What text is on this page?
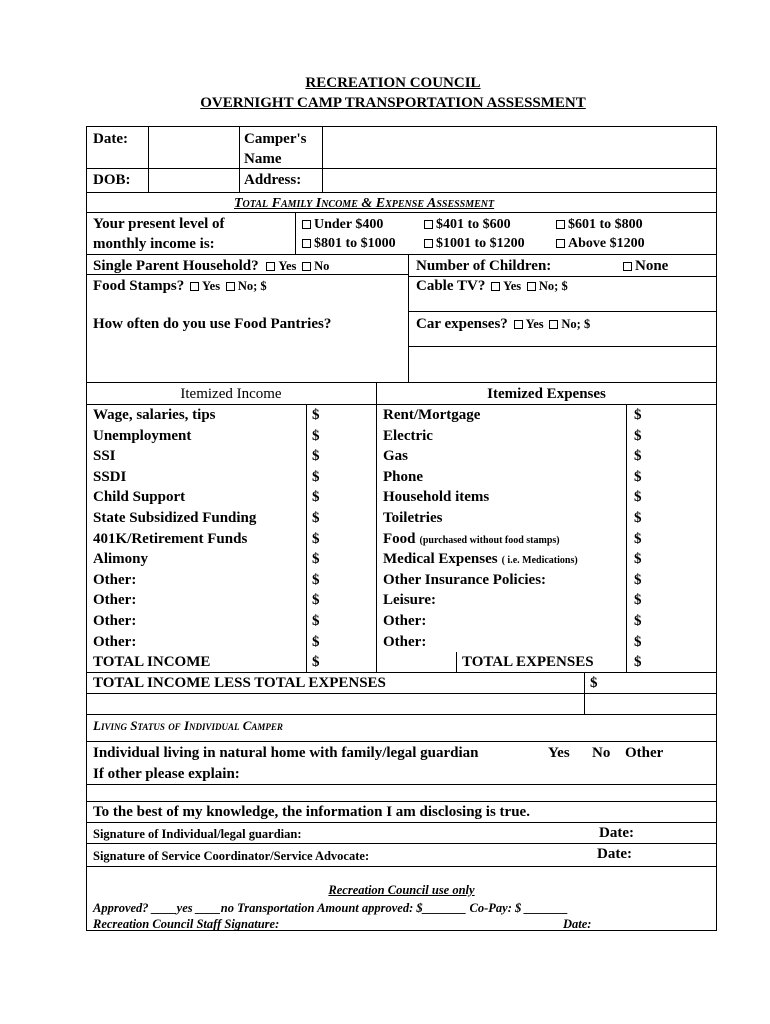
RECREATION COUNCIL
OVERNIGHT CAMP TRANSPORTATION ASSESSMENT
Date:	Camper's
Name
DOB:	Address:
Total Family Income & Expense Assessment
Your present level of
monthly income is:
Under $400	$401 to $600	$601 to $800
$801 to $1000	$1001 to $1200	Above $1200
Single Parent Household? Yes No	Number of Children:	None
Food Stamps? Yes No; $	Cable TV? Yes No; $
How often do you use Food Pantries?	Car expenses? Yes No; $
Itemized Income	Itemized Expenses
Wage, salaries, tips	$	Rent/Mortgage	$
Unemployment	$	Electric	$
SSI	$	Gas	$
SSDI	$	Phone	$
Child Support	$	Household items	$
State Subsidized Funding	$	Toiletries	$
401K/Retirement Funds	$	Food (purchased without food stamps)	$
Alimony	$	Medical Expenses ( i.e. Medications)	$
Other:	$	Other Insurance Policies:	$
Other:	$	Leisure:	$
Other:	$	Other:	$
Other:	$	Other:	$
TOTAL INCOME	$	TOTAL EXPENSES	$
TOTAL INCOME LESS TOTAL EXPENSES	$
Living Status of Individual Camper
Individual living in natural home with family/legal guardian	Yes No Other
If other please explain:
To the best of my knowledge, the information I am disclosing is true.
Signature of Individual/legal guardian:	Date:
Signature of Service Coordinator/Service Advocate:	Date:
Recreation Council use only
Approved? ____yes ____no Transportation Amount approved: $_______ Co-Pay: $ _______
Recreation Council Staff Signature:	Date:
